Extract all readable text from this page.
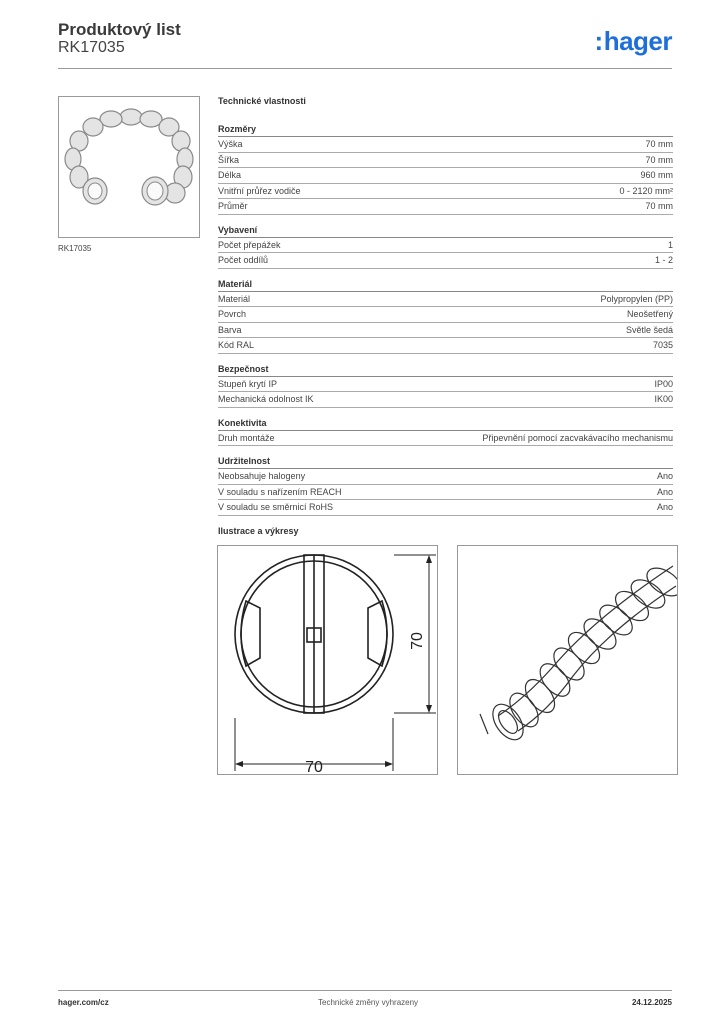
Produktový list
RK17035	:hager
RK17035
Technické vlastnosti
Rozměry
Výška	70 mm
Šířka	70 mm
Délka	960 mm
Vnitřní průřez vodiče	0 - 2120 mm²
Průměr	70 mm
Vybavení
Počet přepážek	1
Počet oddílů	1 - 2
Materiál
Materiál	Polypropylen (PP)
Povrch	Neošetřený
Barva	Světle šedá
Kód RAL	7035
Bezpečnost
Stupeň krytí IP	IP00
Mechanická odolnost IK	IK00
Konektivita
Druh montáže	Připevnění pomocí zacvakávacího mechanismu
Udržitelnost
Neobsahuje halogeny	Ano
V souladu s nařízením REACH	Ano
V souladu se směrnicí RoHS	Ano
Ilustrace a výkresy
70
70
hager.com/cz	Technické změny vyhrazeny	24.12.2025
